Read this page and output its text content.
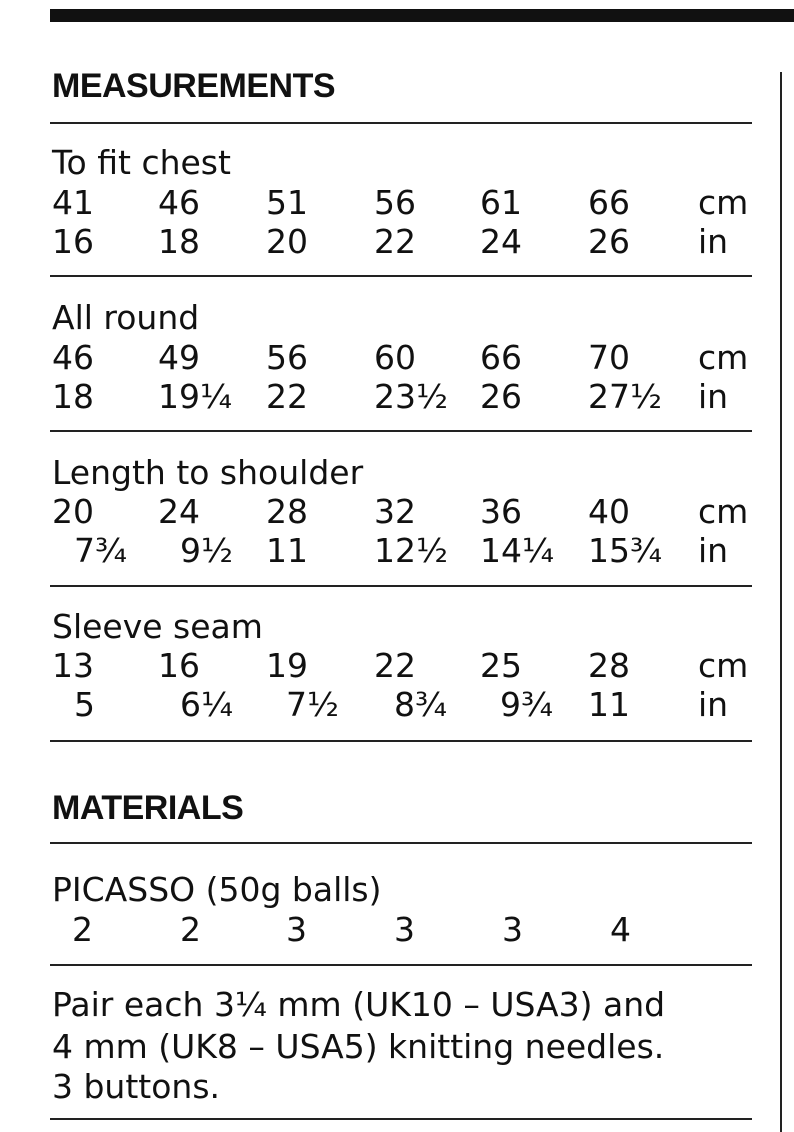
MEASUREMENTS
To fit chest
41 46 51 56 61 66 cm
16 18 20 22 24 26 in
All round
46 49 56 60 66 70 cm
18 19¼ 22 23½ 26 27½ in
Length to shoulder
20 24 28 32 36 40 cm
7¾ 9½ 11 12½ 14¼ 15¾ in
Sleeve seam
13 16 19 22 25 28 cm
5	6¼ 7½ 8¾ 9¾ 11 in
MATERIALS
PICASSO (50g balls)
2	2	3	3	3	4
Pair each 3¼ mm (UK10 – USA3) and
4 mm (UK8 – USA5) knitting needles.
3 buttons.
